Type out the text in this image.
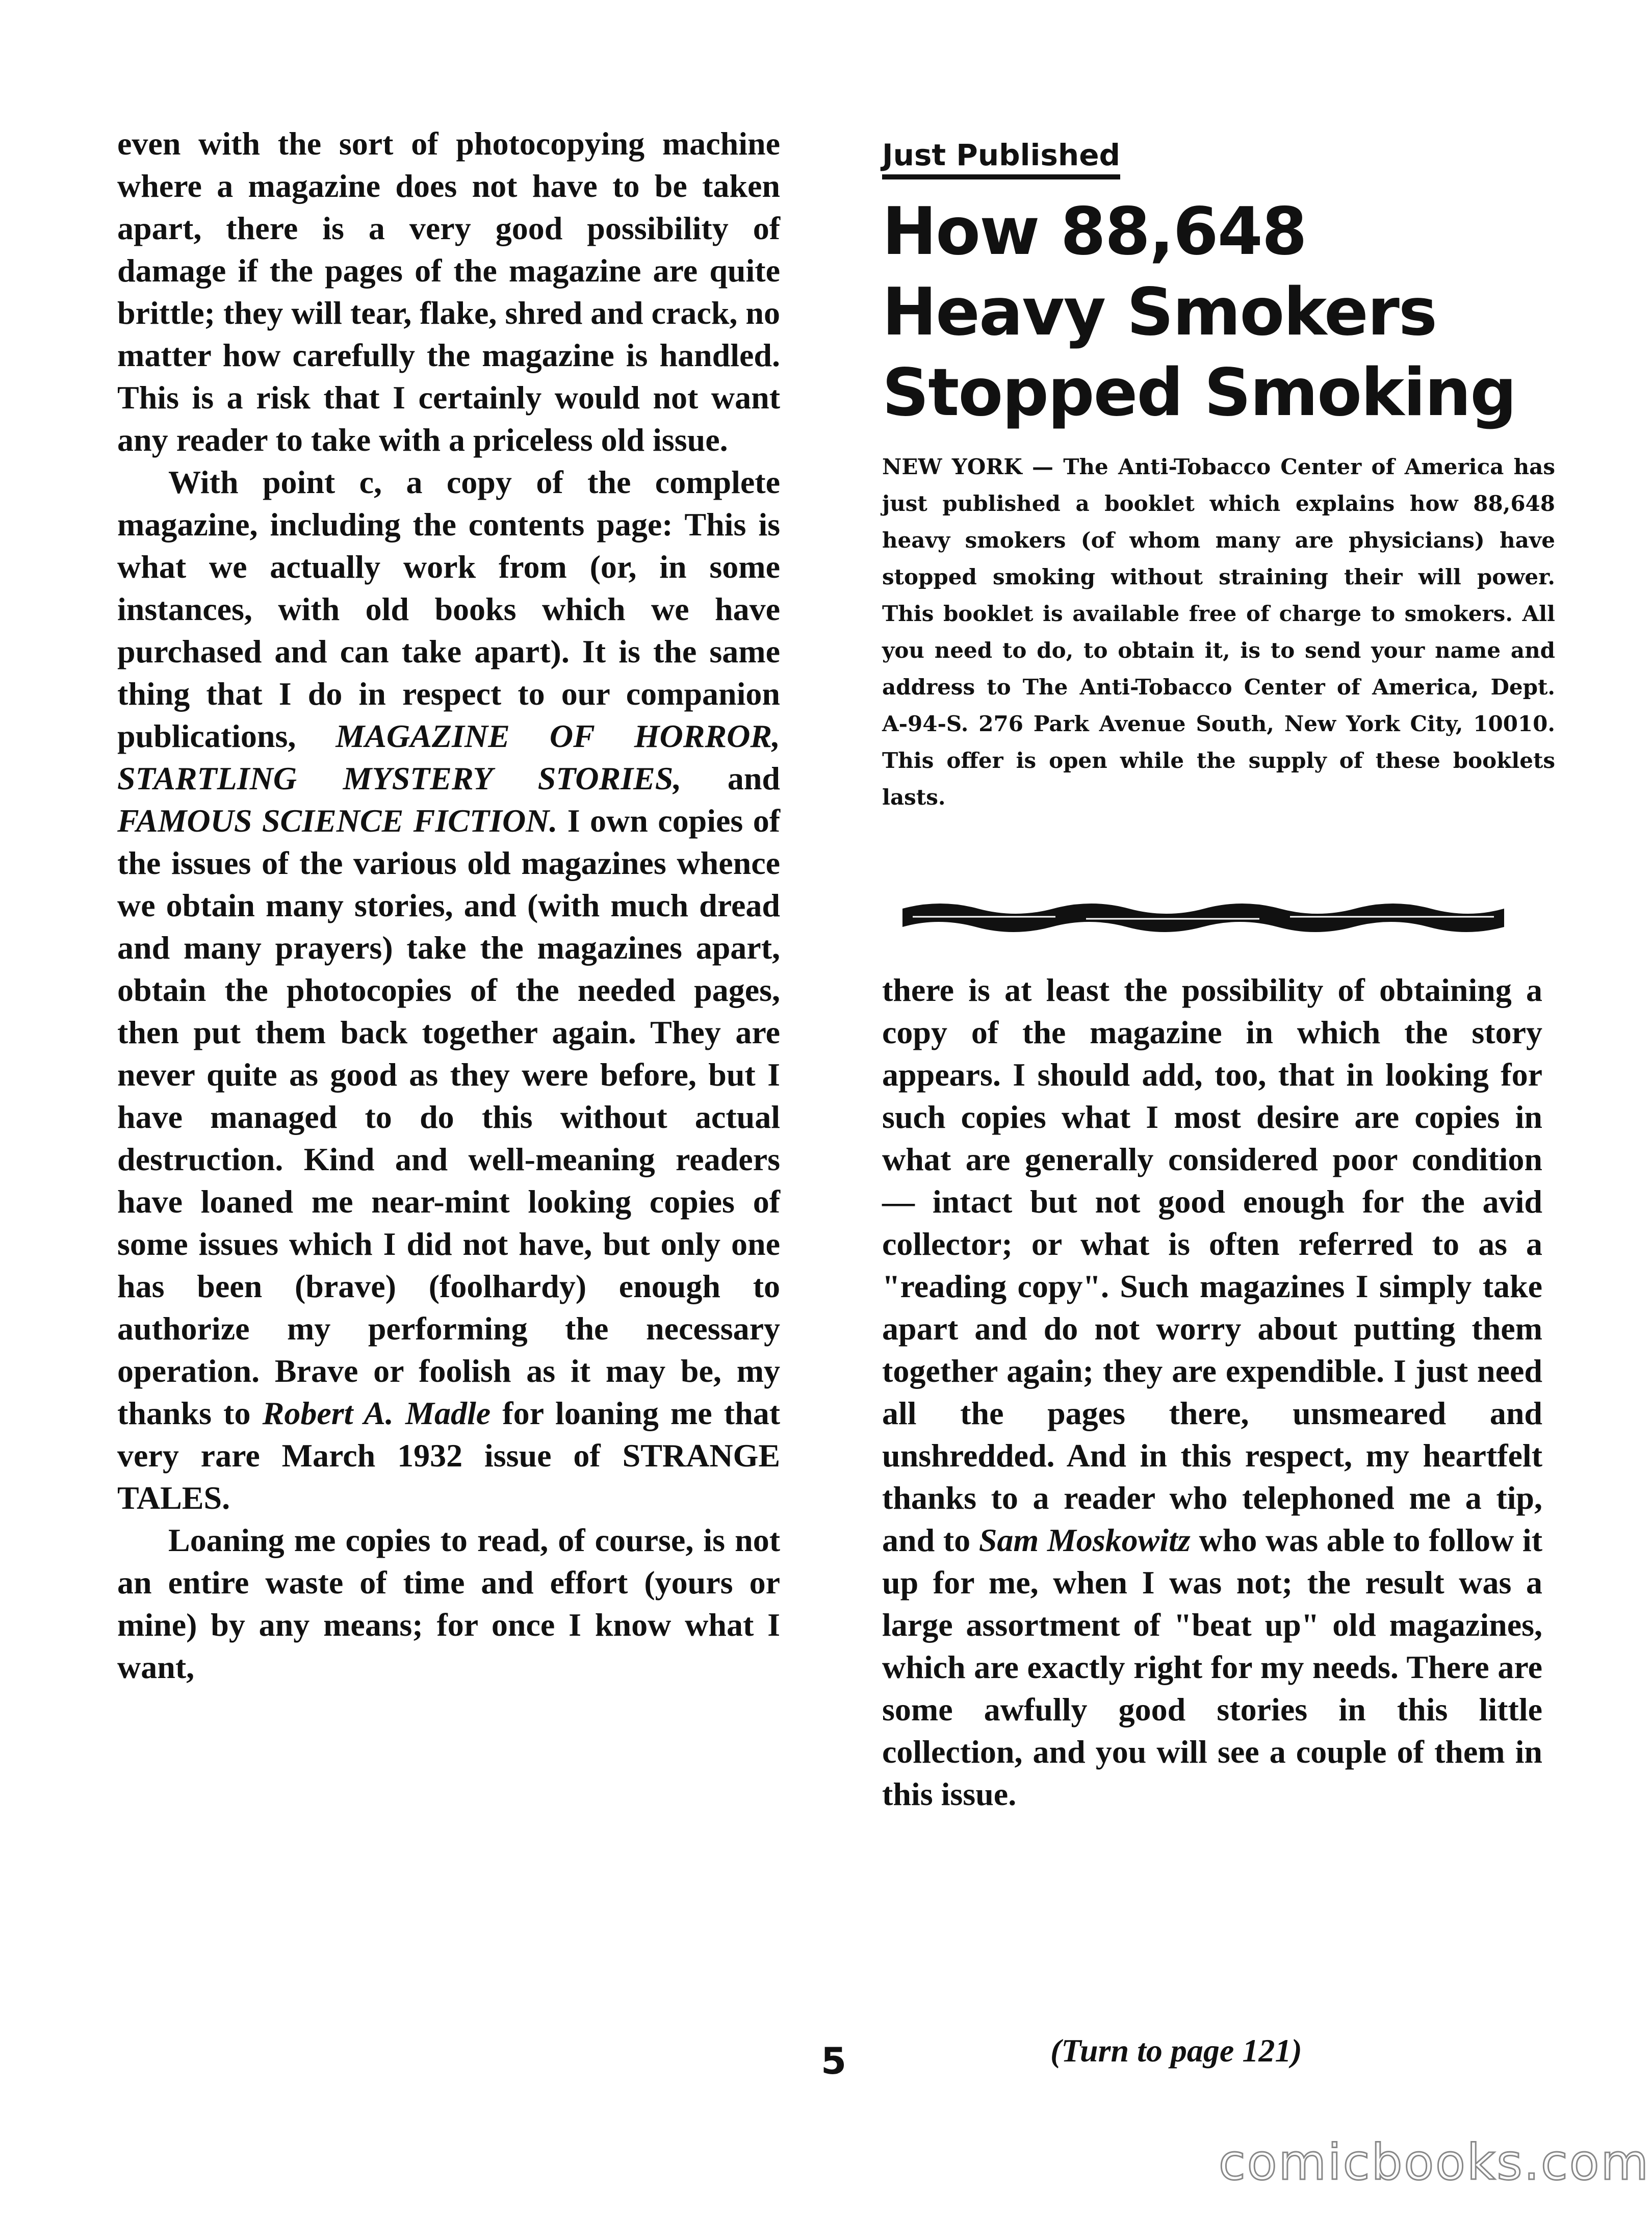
even with the sort of photocopying machine where a magazine does not have to be taken apart, there is a very good possibility of damage if the pages of the magazine are quite brittle; they will tear, flake, shred and crack, no matter how carefully the magazine is handled. This is a risk that I certainly would not want any reader to take with a priceless old issue.

With point c, a copy of the complete magazine, including the contents page: This is what we actually work from (or, in some instances, with old books which we have purchased and can take apart). It is the same thing that I do in respect to our companion publications, MAGAZINE OF HORROR, STARTLING MYSTERY STORIES, and FAMOUS SCIENCE FICTION. I own copies of the issues of the various old magazines whence we obtain many stories, and (with much dread and many prayers) take the magazines apart, obtain the photocopies of the needed pages, then put them back together again. They are never quite as good as they were before, but I have managed to do this without actual destruction. Kind and well-meaning readers have loaned me near-mint looking copies of some issues which I did not have, but only one has been (brave) (foolhardy) enough to authorize my performing the necessary operation. Brave or foolish as it may be, my thanks to Robert A. Madle for loaning me that very rare March 1932 issue of STRANGE TALES.

Loaning me copies to read, of course, is not an entire waste of time and effort (yours or mine) by any means; for once I know what I want,

Just Published
How 88,648
Heavy Smokers
Stopped Smoking
NEW YORK — The Anti-Tobacco Center of America has just published a booklet which explains how 88,648 heavy smokers (of whom many are physicians) have stopped smoking without straining their will power. This booklet is available free of charge to smokers. All you need to do, to obtain it, is to send your name and address to The Anti-Tobacco Center of America, Dept. A-94-S. 276 Park Avenue South, New York City, 10010. This offer is open while the supply of these booklets lasts.

there is at least the possibility of obtaining a copy of the magazine in which the story appears. I should add, too, that in looking for such copies what I most desire are copies in what are generally considered poor condition — intact but not good enough for the avid collector; or what is often referred to as a "reading copy". Such magazines I simply take apart and do not worry about putting them together again; they are expendible. I just need all the pages there, unsmeared and unshredded. And in this respect, my heartfelt thanks to a reader who telephoned me a tip, and to Sam Moskowitz who was able to follow it up for me, when I was not; the result was a large assortment of "beat up" old magazines, which are exactly right for my needs. There are some awfully good stories in this little collection, and you will see a couple of them in this issue.

5	(Turn to page 121)
comicbooks.com
